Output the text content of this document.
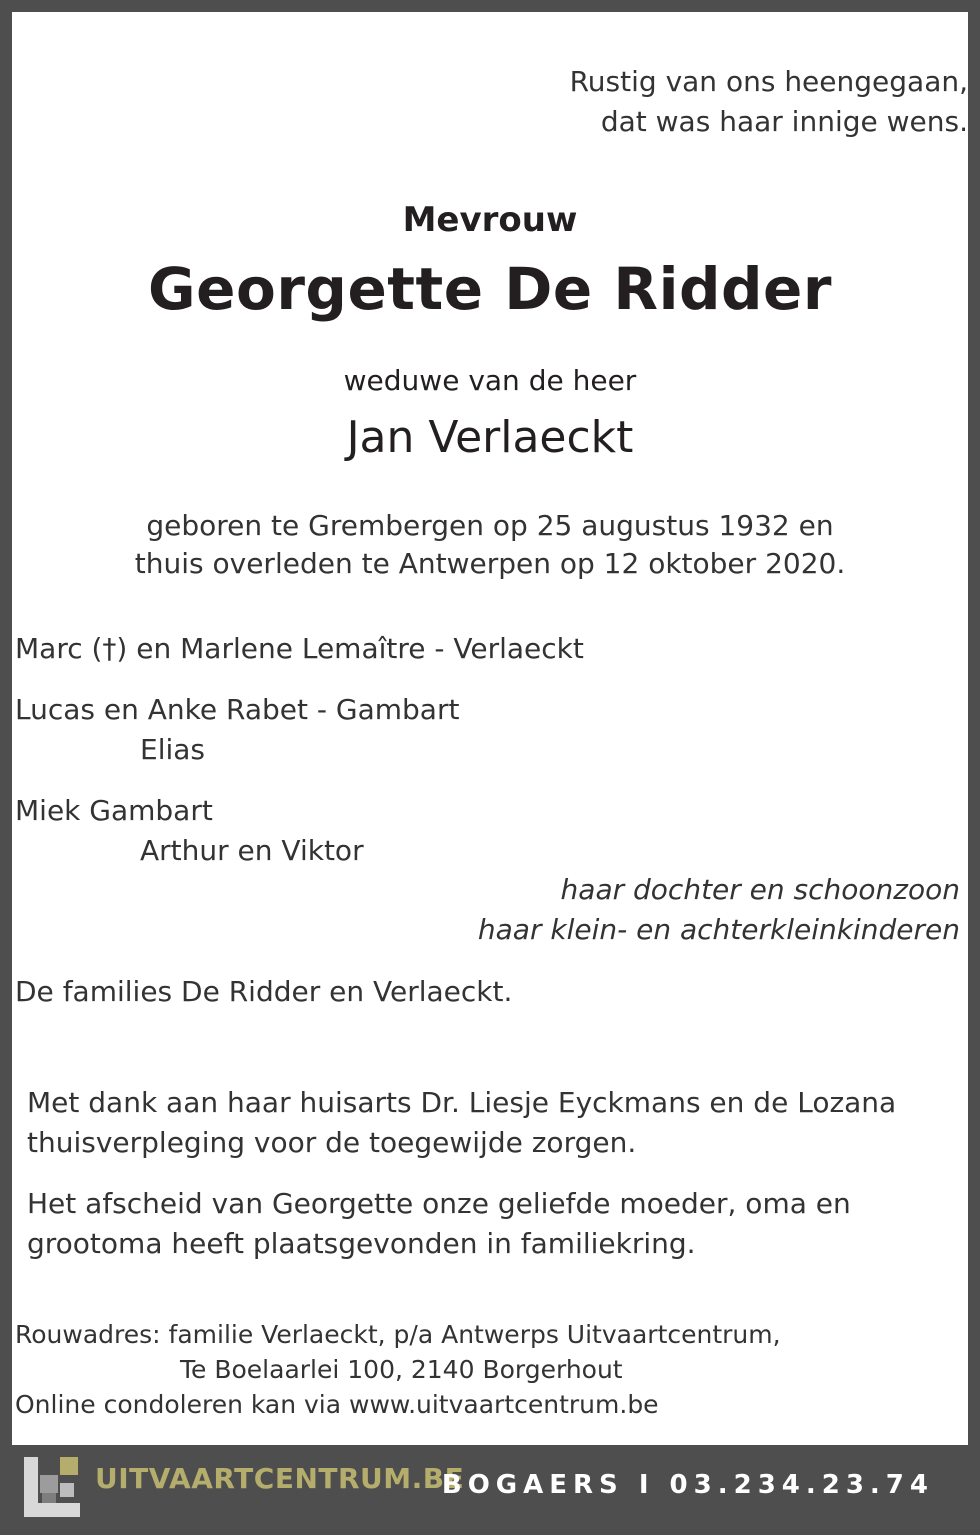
Rustig van ons heengegaan,
dat was haar innige wens.
Mevrouw
Georgette De Ridder
weduwe van de heer
Jan Verlaeckt
geboren te Grembergen op 25 augustus 1932 en
thuis overleden te Antwerpen op 12 oktober 2020.
Marc (†) en Marlene Lemaître - Verlaeckt
Lucas en Anke Rabet - Gambart
Elias
Miek Gambart
Arthur en Viktor
haar dochter en schoonzoon
haar klein- en achterkleinkinderen
De families De Ridder en Verlaeckt.
Met dank aan haar huisarts Dr. Liesje Eyckmans en de Lozana
thuisverpleging voor de toegewijde zorgen.
Het afscheid van Georgette onze geliefde moeder, oma en
grootoma heeft plaatsgevonden in familiekring.
Rouwadres: familie Verlaeckt, p/a Antwerps Uitvaartcentrum,
Te Boelaarlei 100, 2140 Borgerhout
Online condoleren kan via www.uitvaartcentrum.be
UITVAARTCENTRUM.BE
BOGAERS I 03.234.23.74
